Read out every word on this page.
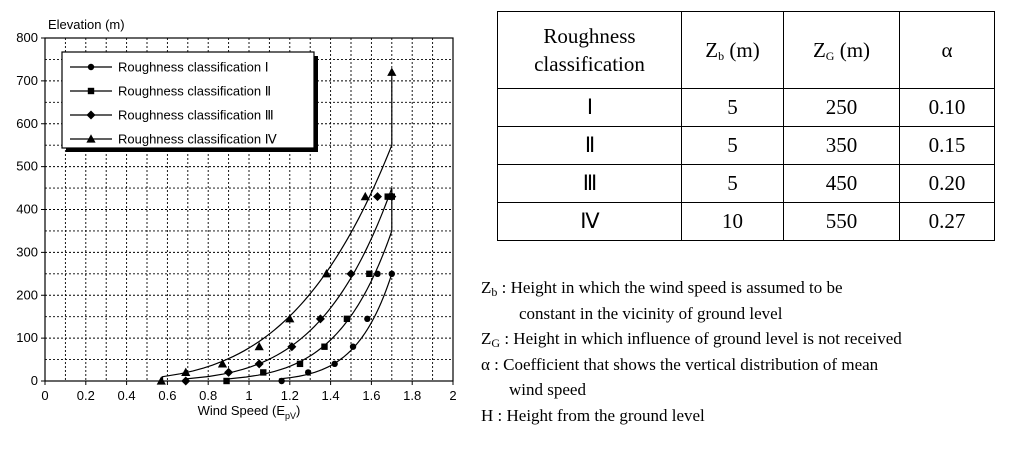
0 0.2 0.4 0.6 0.8 1 1.2 1.4 1.6 1.8 2
0
100
200
300
400
500
600
700
800
Elevation (m)
Wind Speed $(E_{pV})$
Roughness classification Ⅰ
Roughness classification Ⅱ
Roughness classification Ⅲ
Roughness classification Ⅳ
Roughness
classification	$Z_b$ (m)	$Z_G$ (m)	α
Ⅰ	5	250	0.10
Ⅱ	5	350	0.15
Ⅲ	5	450	0.20
Ⅳ	10	550	0.27

$Z_b$ : Height in which the wind speed is assumed to be

constant in the vicinity of ground level

$Z_G$ : Height in which influence of ground level is not received

α : Coefficient that shows the vertical distribution of mean

wind speed

H : Height from the ground level
